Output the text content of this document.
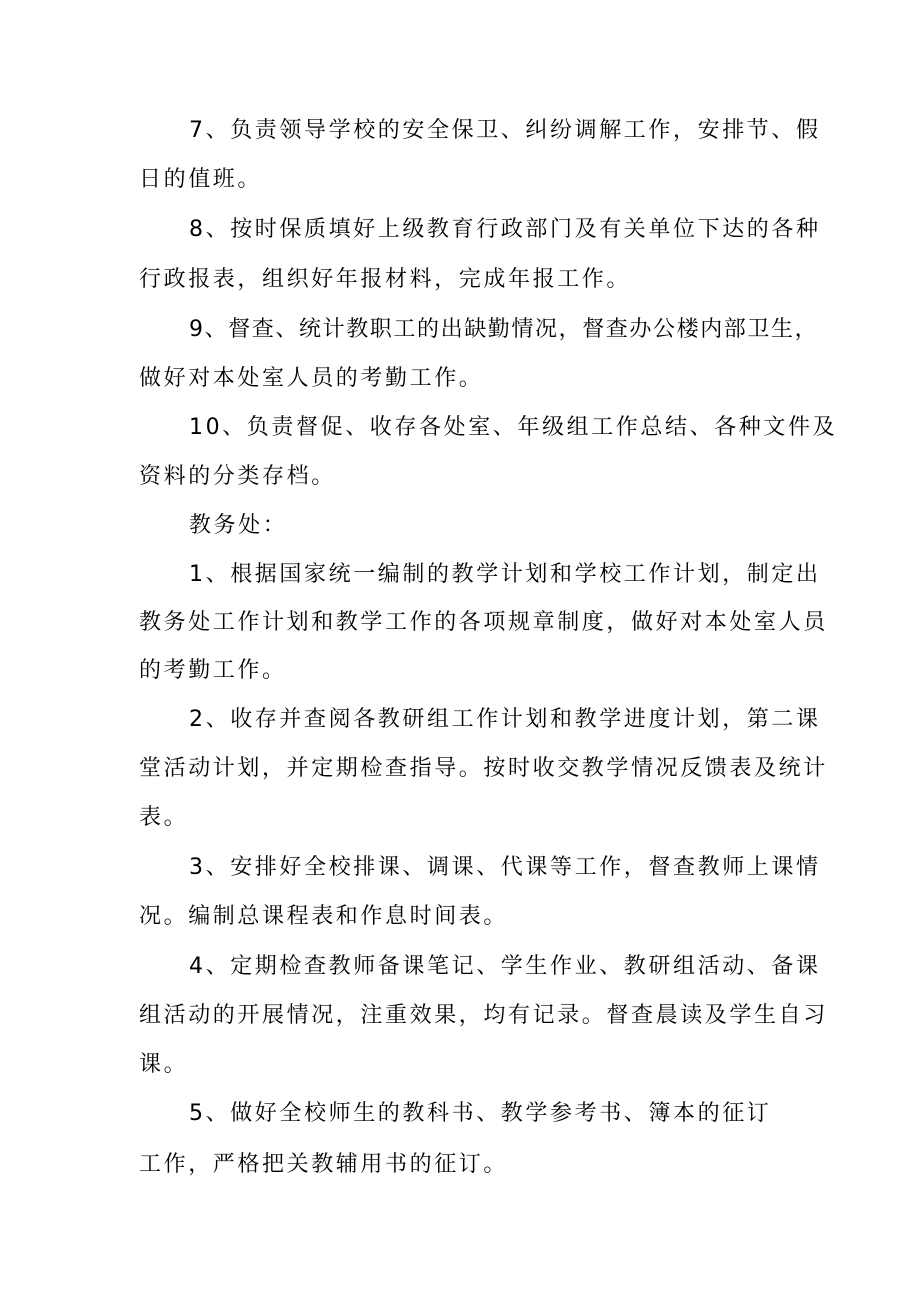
7、负责领导学校的安全保卫、纠纷调解工作，安排节、假
日的值班。
8、按时保质填好上级教育行政部门及有关单位下达的各种
行政报表，组织好年报材料，完成年报工作。
9、督查、统计教职工的出缺勤情况，督查办公楼内部卫生，
做好对本处室人员的考勤工作。
10、负责督促、收存各处室、年级组工作总结、各种文件及
资料的分类存档。
教务处：
1、根据国家统一编制的教学计划和学校工作计划，制定出
教务处工作计划和教学工作的各项规章制度，做好对本处室人员
的考勤工作。
2、收存并查阅各教研组工作计划和教学进度计划，第二课
堂活动计划，并定期检查指导。按时收交教学情况反馈表及统计
表。
3、安排好全校排课、调课、代课等工作，督查教师上课情
况。编制总课程表和作息时间表。
4、定期检查教师备课笔记、学生作业、教研组活动、备课
组活动的开展情况，注重效果，均有记录。督查晨读及学生自习
课。
5、做好全校师生的教科书、教学参考书、簿本的征订
工作，严格把关教辅用书的征订。
